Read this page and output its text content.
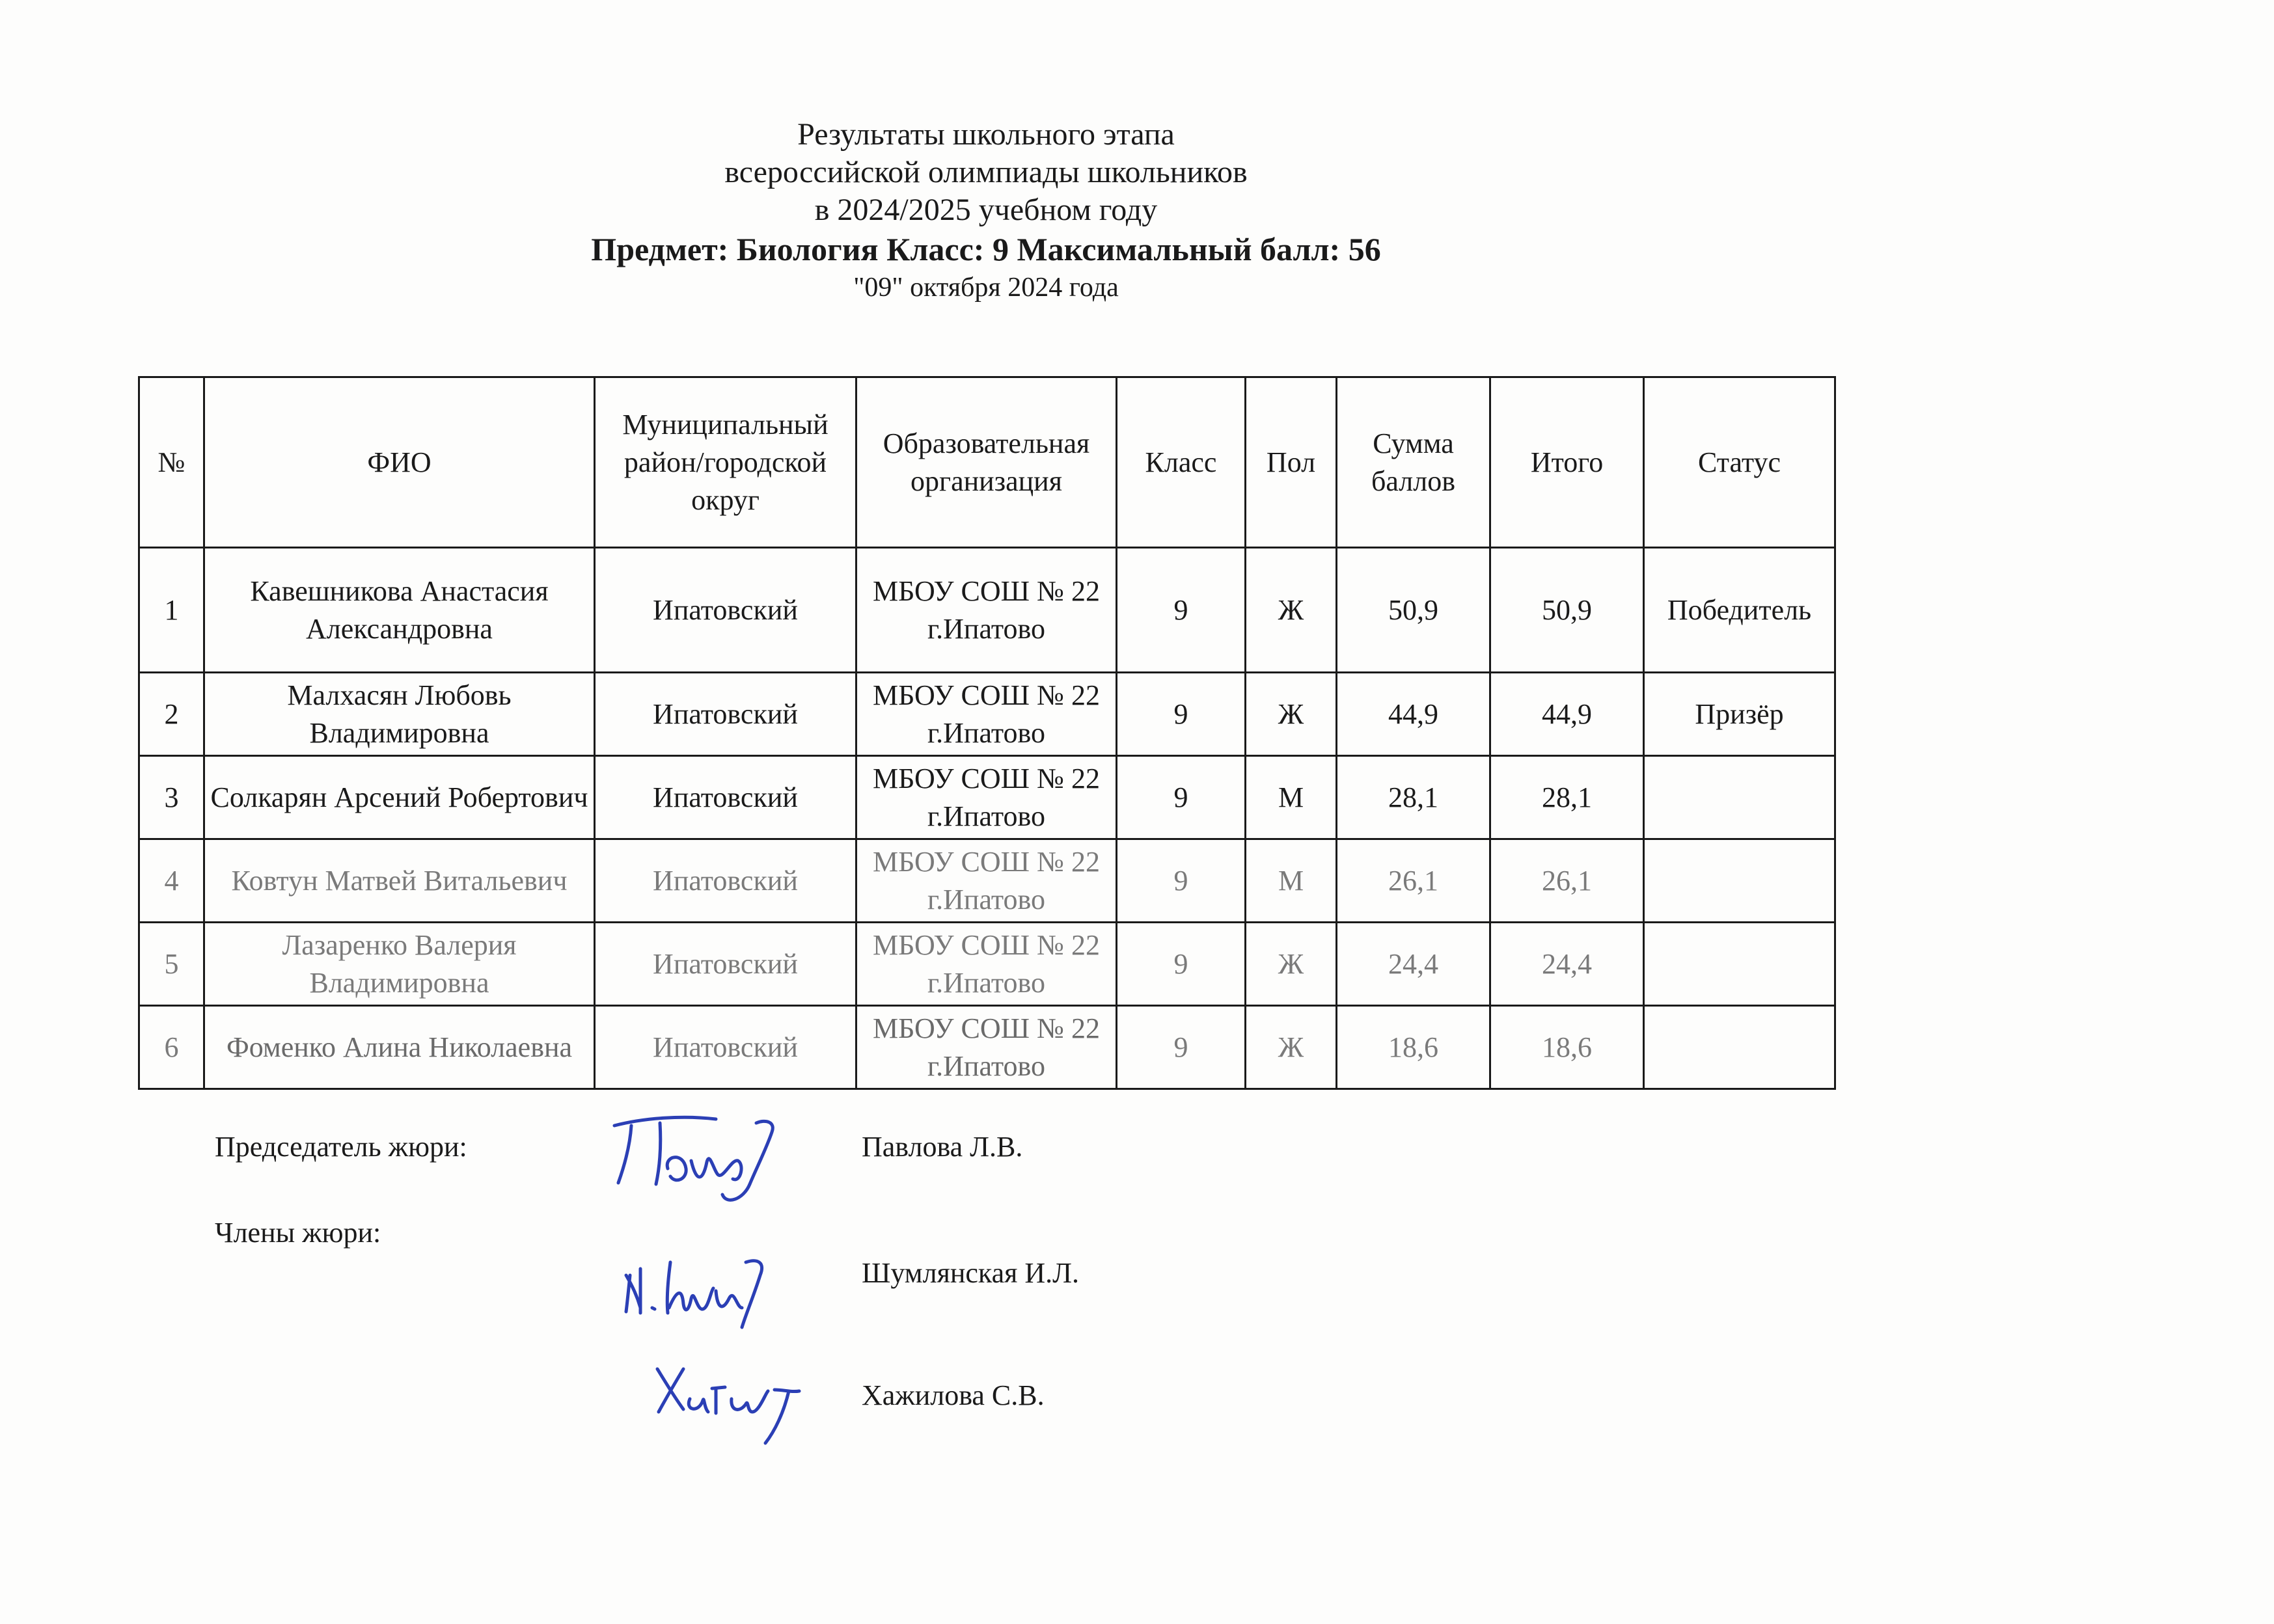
Результаты школьного этапа
всероссийской олимпиады школьников
в 2024/2025 учебном году
Предмет: Биология Класс: 9 Максимальный балл: 56
"09" октября 2024 года
№	ФИО	Муниципальный район/городской округ	Образовательная организация	Класс	Пол	Сумма баллов	Итого	Статус
1	Кавешникова Анастасия Александровна	Ипатовский	МБОУ СОШ № 22 г.Ипатово	9	Ж	50,9	50,9	Победитель
2	Малхасян Любовь Владимировна	Ипатовский	МБОУ СОШ № 22 г.Ипатово	9	Ж	44,9	44,9	Призёр
3	Солкарян Арсений Робертович	Ипатовский	МБОУ СОШ № 22 г.Ипатово	9	М	28,1	28,1	
4	Ковтун Матвей Витальевич	Ипатовский	МБОУ СОШ № 22 г.Ипатово	9	М	26,1	26,1	
5	Лазаренко Валерия Владимировна	Ипатовский	МБОУ СОШ № 22 г.Ипатово	9	Ж	24,4	24,4	
6	Фоменко Алина Николаевна	Ипатовский	МБОУ СОШ № 22 г.Ипатово	9	Ж	18,6	18,6	
Председатель жюри:	Павлова Л.В.
Члены жюри:
Шумлянская И.Л.
Хажилова С.В.
